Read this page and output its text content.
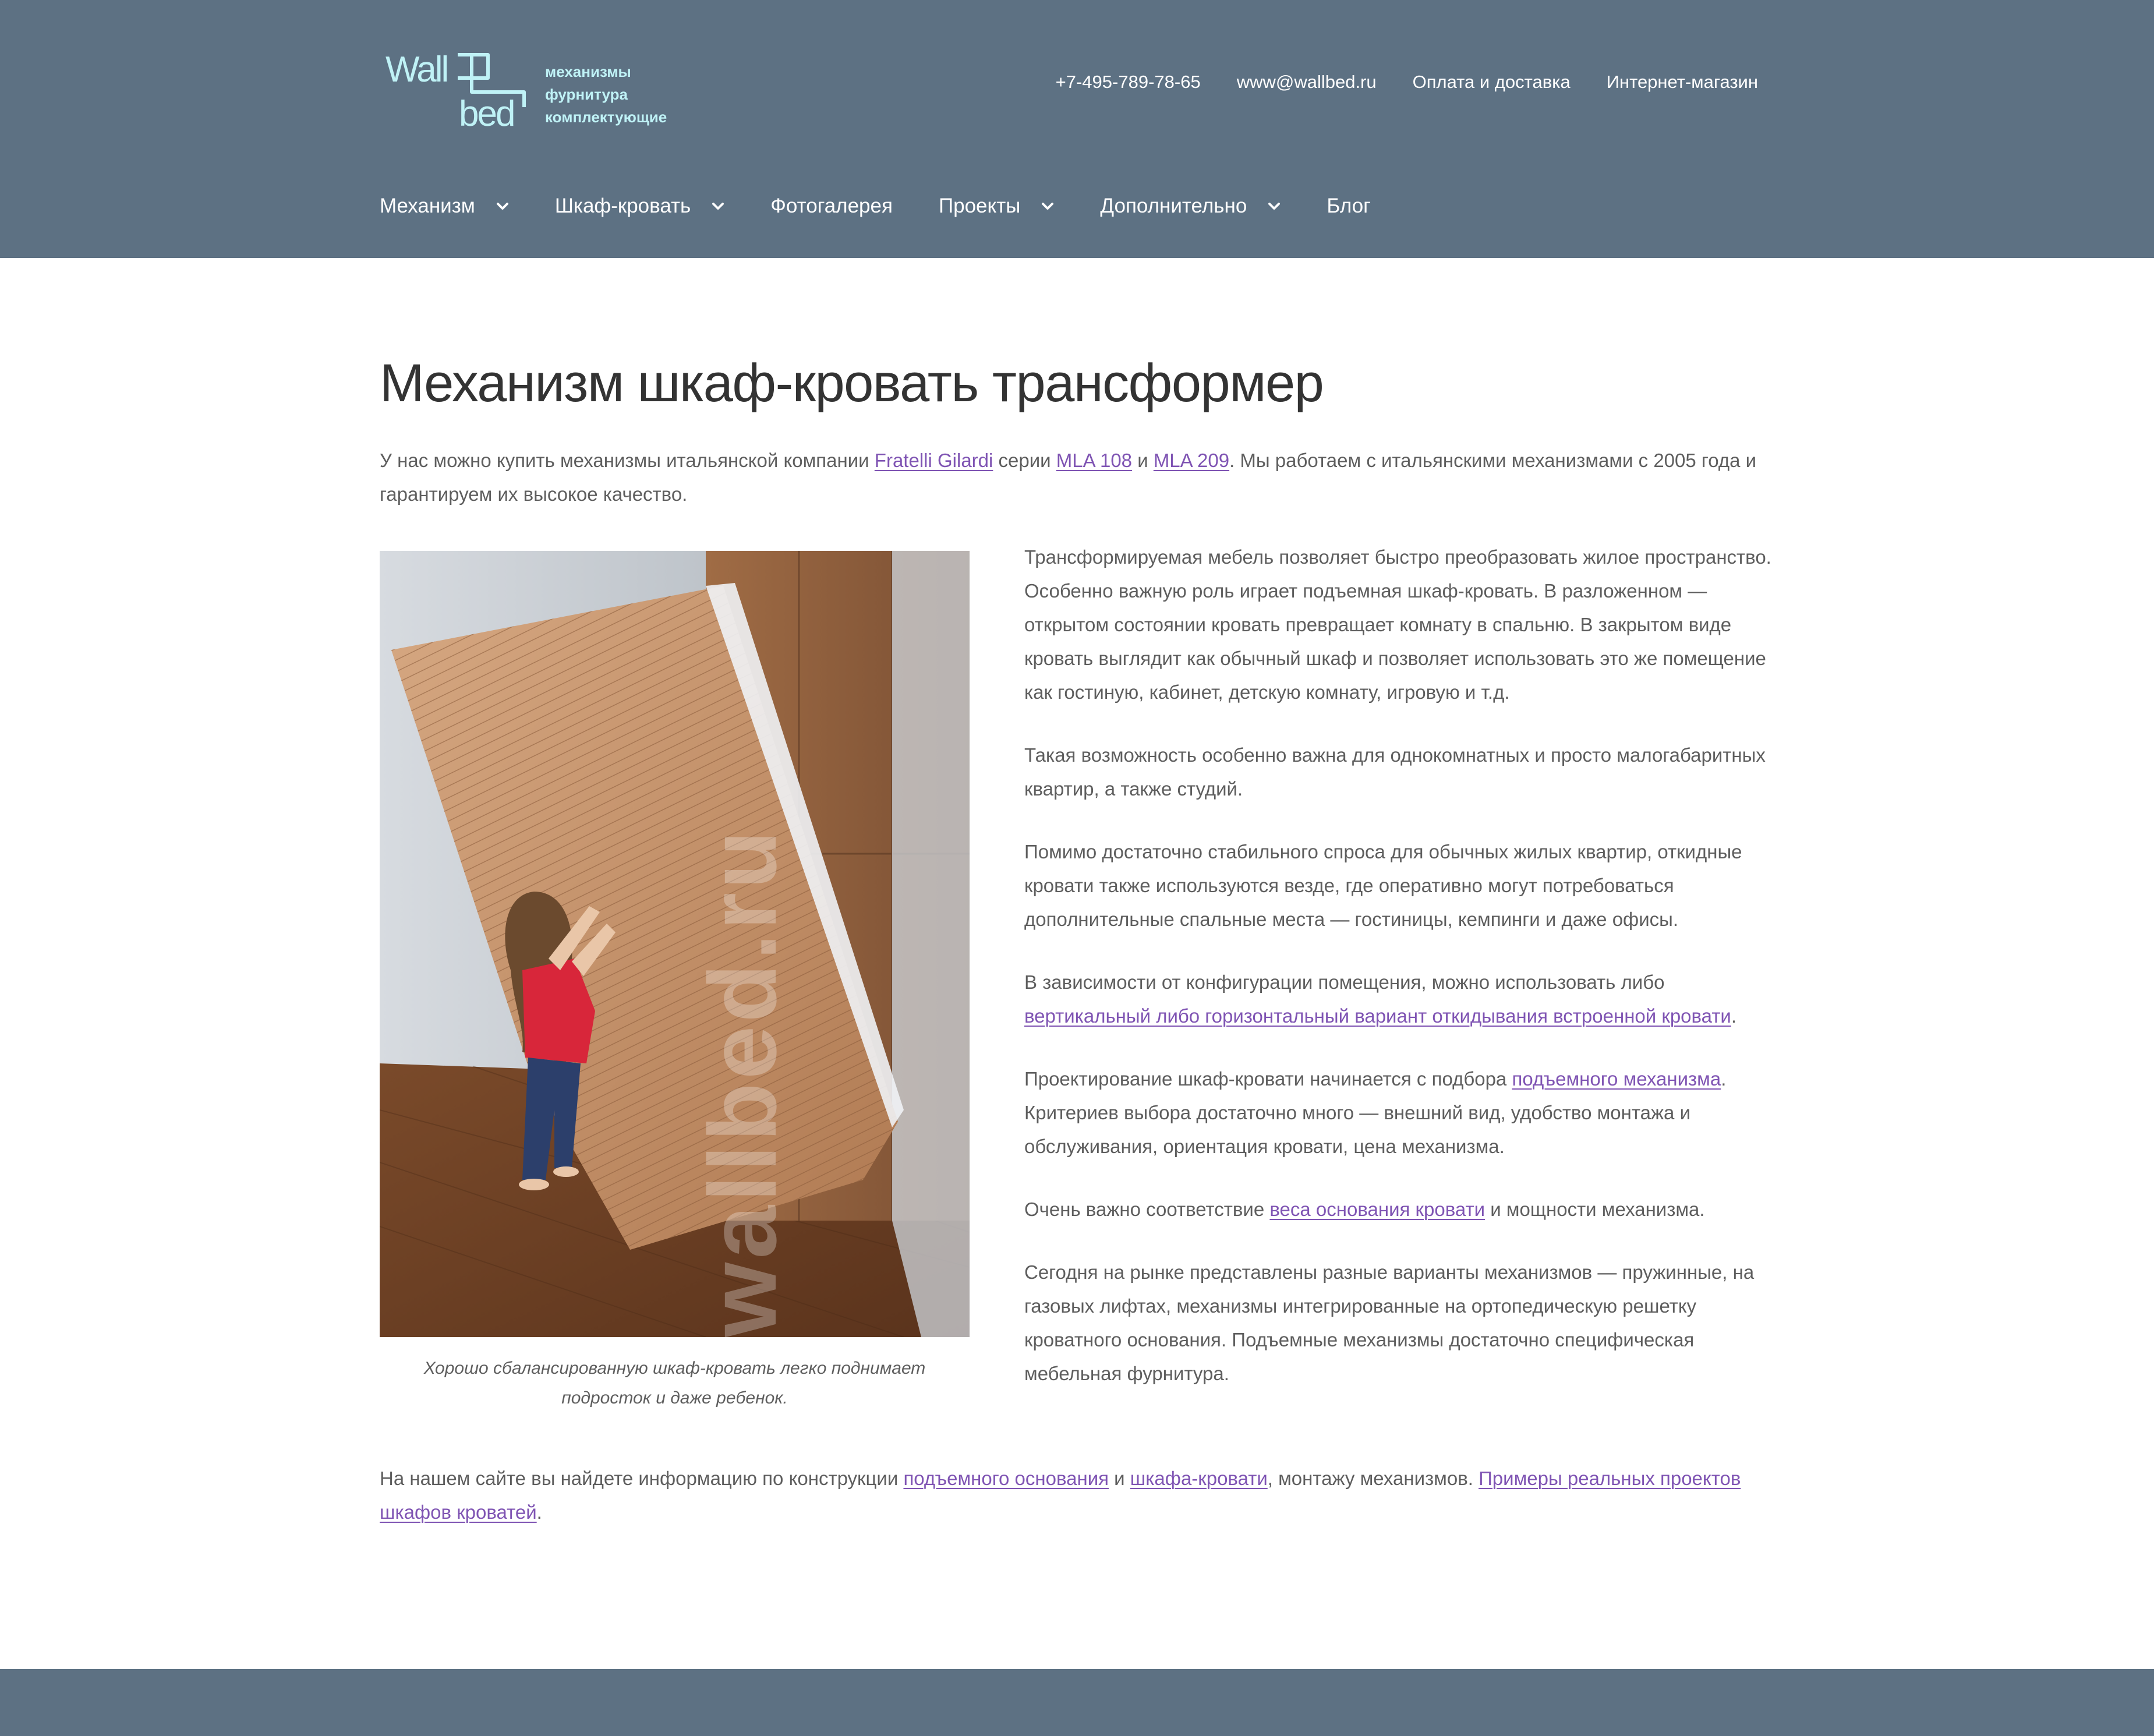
Wall
bed
механизмы
фурнитура
комплектующие
+7-495-789-78-65 www@wallbed.ru Оплата и доставка Интернет-магазин
Механизм	Шкаф-кровать	Фотогалерея Проекты	Дополнительно	Блог
Механизм шкаф-кровать трансформер

У нас можно купить механизмы итальянской компании Fratelli Gilardi серии MLA 108 и MLA 209. Мы работаем с итальянскими механизмами с 2005 года и гарантируем их высокое качество.

wallbed.ru
Хорошо сбалансированную шкаф-кровать легко поднимает подросток и даже ребенок.

Трансформируемая мебель позволяет быстро преобразовать жилое пространство. Особенно важную роль играет подъемная шкаф-кровать. В разложенном — открытом состоянии кровать превращает комнату в спальню. В закрытом виде кровать выглядит как обычный шкаф и позволяет использовать это же помещение как гостиную, кабинет, детскую комнату, игровую и т.д.

Такая возможность особенно важна для однокомнатных и просто малогабаритных квартир, а также студий.

Помимо достаточно стабильного спроса для обычных жилых квартир, откидные кровати также используются везде, где оперативно могут потребоваться дополнительные спальные места — гостиницы, кемпинги и даже офисы.

В зависимости от конфигурации помещения, можно использовать либо вертикальный либо горизонтальный вариант откидывания встроенной кровати.

Проектирование шкаф-кровати начинается с подбора подъемного механизма. Критериев выбора достаточно много — внешний вид, удобство монтажа и обслуживания, ориентация кровати, цена механизма.

Очень важно соответствие веса основания кровати и мощности механизма.

Сегодня на рынке представлены разные варианты механизмов — пружинные, на газовых лифтах, механизмы интегрированные на ортопедическую решетку кроватного основания. Подъемные механизмы достаточно специфическая мебельная фурнитура.

На нашем сайте вы найдете информацию по конструкции подъемного основания и шкафа-кровати, монтажу механизмов. Примеры реальных проектов шкафов кроватей.
